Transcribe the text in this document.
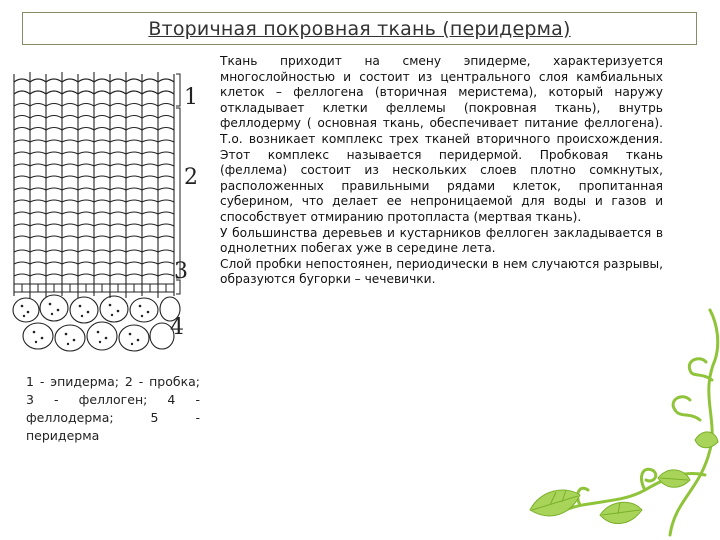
Вторичная покровная ткань (перидерма)
1
2
3
4
1 - эпидерма; 2 - пробка; 3 - феллоген; 4 - феллодерма; 5 - перидерма

Ткань приходит на смену эпидерме, характеризуется многослойностью и состоит из центрального слоя камбиальных клеток – феллогена (вторичная меристема), который наружу откладывает клетки феллемы (покровная ткань), внутрь феллодерму ( основная ткань, обеспечивает питание феллогена). Т.о. возникает комплекс трех тканей вторичного происхождения. Этот комплекс называется перидермой. Пробковая ткань (феллема) состоит из нескольких слоев плотно сомкнутых, расположенных правильными рядами клеток, пропитанная суберином, что делает ее непроницаемой для воды и газов и способствует отмиранию протопласта (мертвая ткань).

У большинства деревьев и кустарников феллоген закладывается в однолетних побегах уже в середине лета.

Слой пробки непостоянен, периодически в нем случаются разрывы, образуются бугорки – чечевички.
